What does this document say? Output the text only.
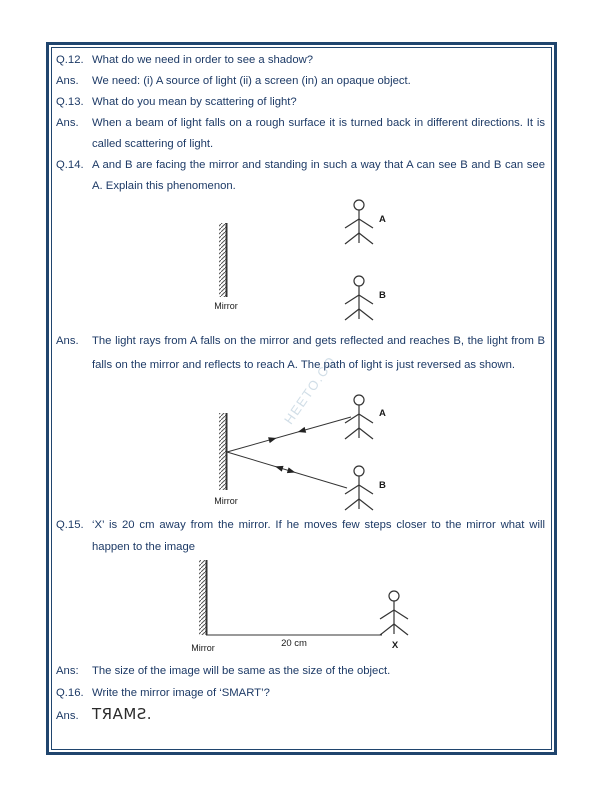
HEETO.CO
Q.12. What do we need in order to see a shadow?
Ans.	We need: (i) A source of light (ii) a screen (in) an opaque object.
Q.13. What do you mean by scattering of light?
Ans.	When a beam of light falls on a rough surface it is turned back in different directions. It is called scattering of light.
Q.14. A and B are facing the mirror and standing in such a way that A can see B and B can see A. Explain this phenomenon.
A
B
Mirror
Ans.	The light rays from A falls on the mirror and gets reflected and reaches B, the light from B falls on the mirror and reflects to reach A. The path of light is just reversed as shown.
A
B
Mirror
Q.15. ‘X’ is 20 cm away from the mirror. If he moves few steps closer to the mirror what will happen to the image
20 cm	X
Mirror
Ans:	The size of the image will be same as the size of the object.
Q.16. Write the mirror image of ‘SMART’?
Ans. TЯAMƧ.
